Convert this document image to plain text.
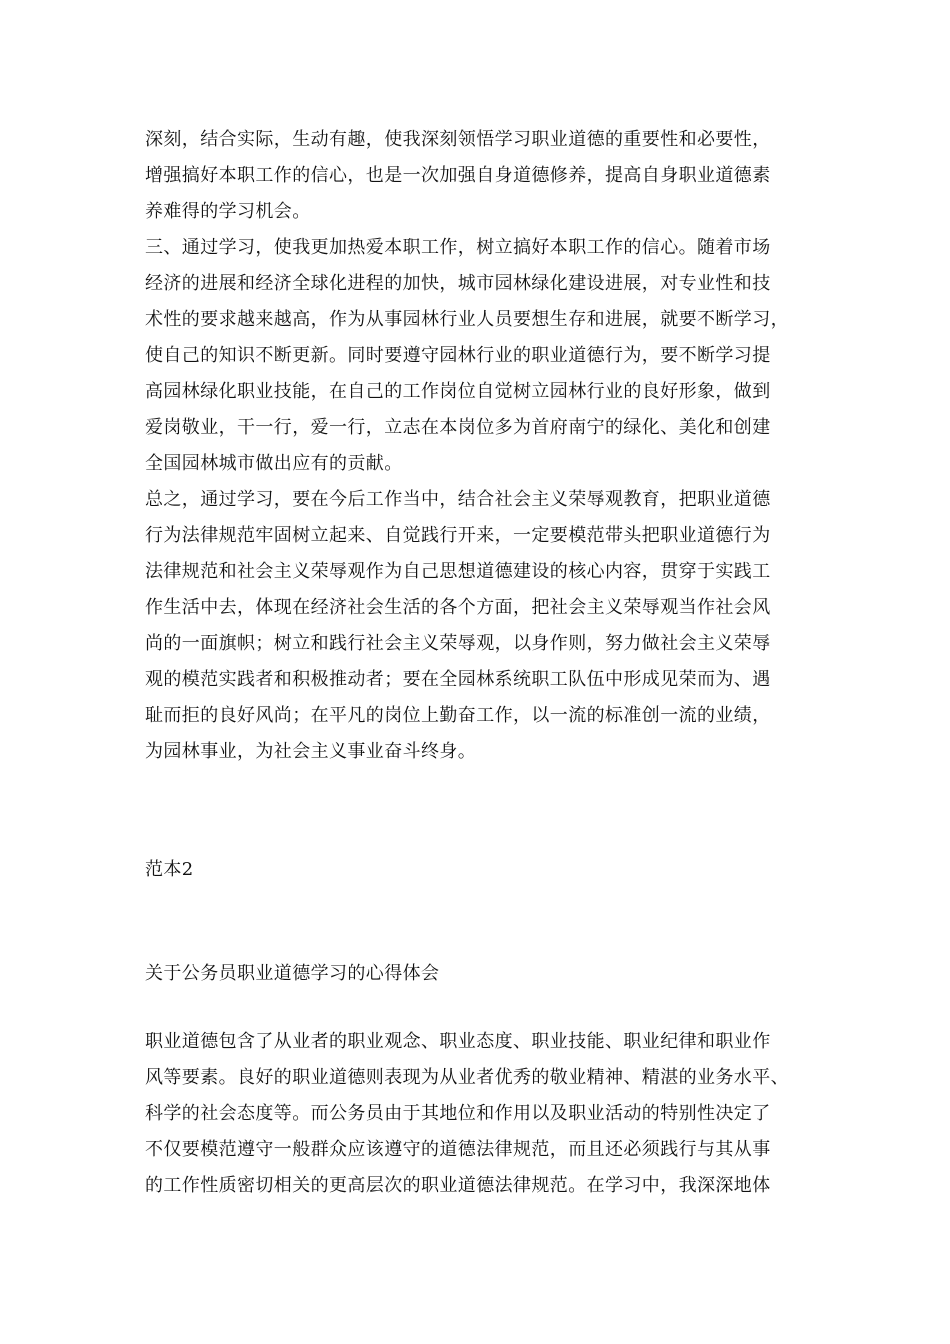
深刻，结合实际，生动有趣，使我深刻领悟学习职业道德的重要性和必要性，
增强搞好本职工作的信心，也是一次加强自身道德修养，提高自身职业道德素
养难得的学习机会。
三、通过学习，使我更加热爱本职工作，树立搞好本职工作的信心。随着市场
经济的进展和经济全球化进程的加快，城市园林绿化建设进展，对专业性和技
术性的要求越来越高，作为从事园林行业人员要想生存和进展，就要不断学习，
使自己的知识不断更新。同时要遵守园林行业的职业道德行为，要不断学习提
高园林绿化职业技能，在自己的工作岗位自觉树立园林行业的良好形象，做到
爱岗敬业，干一行，爱一行，立志在本岗位多为首府南宁的绿化、美化和创建
全国园林城市做出应有的贡献。
总之，通过学习，要在今后工作当中，结合社会主义荣辱观教育，把职业道德
行为法律规范牢固树立起来、自觉践行开来，一定要模范带头把职业道德行为
法律规范和社会主义荣辱观作为自己思想道德建设的核心内容，贯穿于实践工
作生活中去，体现在经济社会生活的各个方面，把社会主义荣辱观当作社会风
尚的一面旗帜；树立和践行社会主义荣辱观，以身作则，努力做社会主义荣辱
观的模范实践者和积极推动者；要在全园林系统职工队伍中形成见荣而为、遇
耻而拒的良好风尚；在平凡的岗位上勤奋工作，以一流的标准创一流的业绩，
为园林事业，为社会主义事业奋斗终身。
范本2
关于公务员职业道德学习的心得体会
职业道德包含了从业者的职业观念、职业态度、职业技能、职业纪律和职业作
风等要素。良好的职业道德则表现为从业者优秀的敬业精神、精湛的业务水平、
科学的社会态度等。而公务员由于其地位和作用以及职业活动的特别性决定了
不仅要模范遵守一般群众应该遵守的道德法律规范，而且还必须践行与其从事
的工作性质密切相关的更高层次的职业道德法律规范。在学习中，我深深地体
